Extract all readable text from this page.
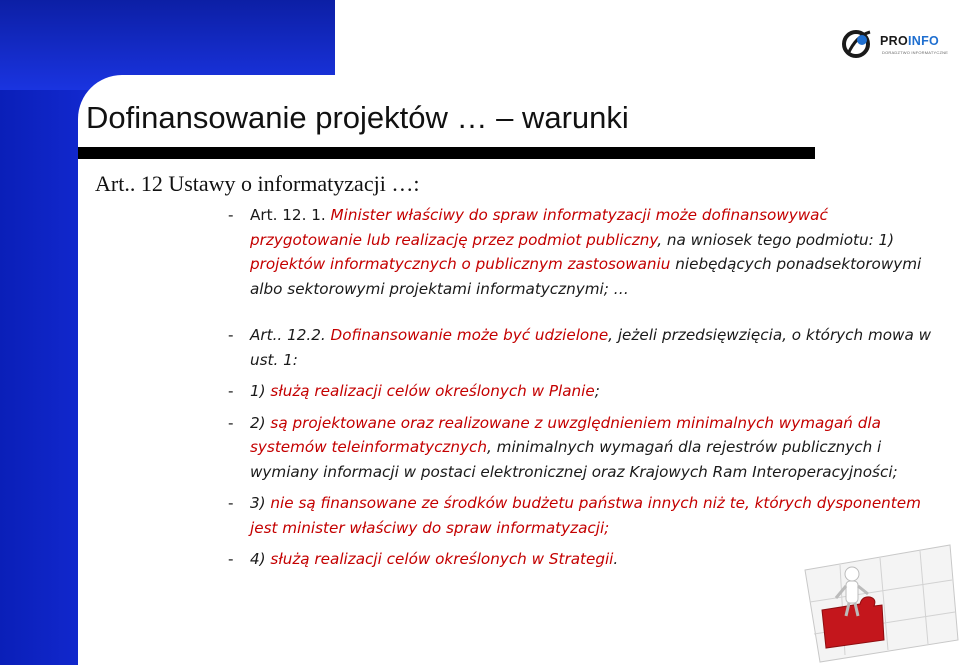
PROINFO
DORADZTWO INFORMATYCZNE
Dofinansowanie projektów … – warunki
Art.. 12 Ustawy o informatyzacji …:
- Art. 12. 1. Minister właściwy do spraw informatyzacji może dofinansowywać przygotowanie lub realizację przez podmiot publiczny, na wniosek tego podmiotu: 1) projektów informatycznych o publicznym zastosowaniu niebędących ponadsektorowymi albo sektorowymi projektami informatycznymi; …
- Art.. 12.2. Dofinansowanie może być udzielone, jeżeli przedsięwzięcia, o których mowa w ust. 1:
- 1) służą realizacji celów określonych w Planie;
- 2) są projektowane oraz realizowane z uwzględnieniem minimalnych wymagań dla systemów teleinformatycznych, minimalnych wymagań dla rejestrów publicznych i wymiany informacji w postaci elektronicznej oraz Krajowych Ram Interoperacyjności;
- 3) nie są finansowane ze środków budżetu państwa innych niż te, których dysponentem jest minister właściwy do spraw informatyzacji;
- 4) służą realizacji celów określonych w Strategii.
